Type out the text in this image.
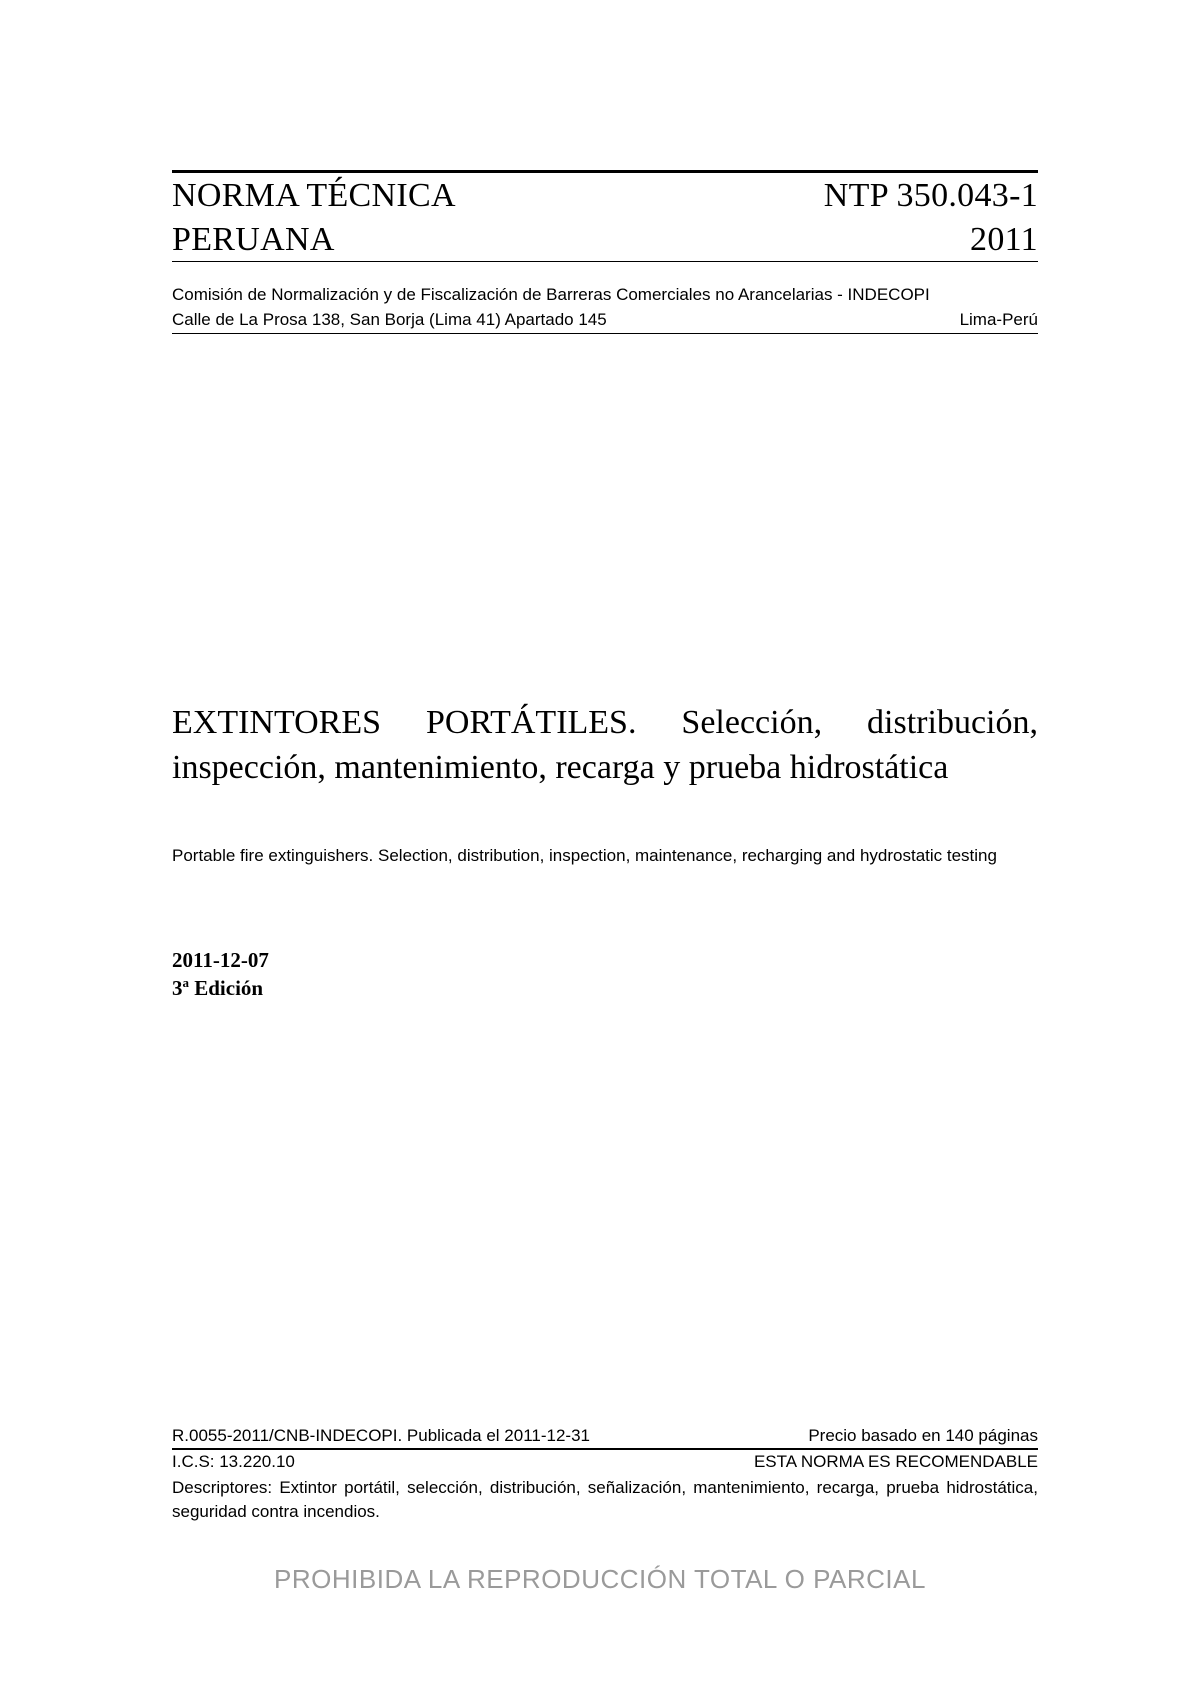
NORMA TÉCNICA	NTP 350.043-1
PERUANA	2011
Comisión de Normalización y de Fiscalización de Barreras Comerciales no Arancelarias - INDECOPI
Calle de La Prosa 138, San Borja (Lima 41) Apartado 145	Lima-Perú
EXTINTORES PORTÁTILES. Selección, distribución, inspección, mantenimiento, recarga y prueba hidrostática
Portable fire extinguishers. Selection, distribution, inspection, maintenance, recharging and hydrostatic testing
2011-12-07
3$^a$ Edición
R.0055-2011/CNB-INDECOPI. Publicada el 2011-12-31	Precio basado en 140 páginas
I.C.S: 13.220.10	ESTA NORMA ES RECOMENDABLE
Descriptores: Extintor portátil, selección, distribución, señalización, mantenimiento, recarga, prueba hidrostática, seguridad contra incendios.
PROHIBIDA LA REPRODUCCIÓN TOTAL O PARCIAL
